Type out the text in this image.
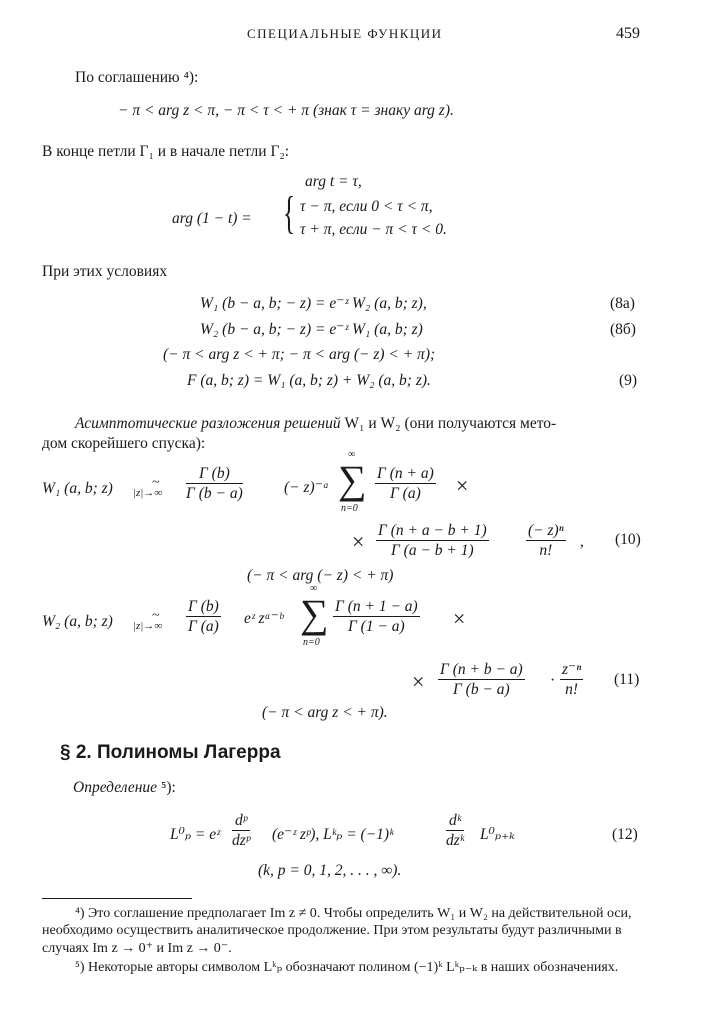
СПЕЦИАЛЬНЫЕ ФУНКЦИИ	459
По соглашению ⁴):
− π < arg z < π, − π < τ < + π (знак τ = знаку arg z).
В конце петли Γ₁ и в начале петли Γ₂:
arg t = τ,
arg (1 − t) = { τ − π, если 0 < τ < π,
τ + π, если − π < τ < 0.
При этих условиях
W₁ (b − a, b; − z) = e⁻ᶻ W₂ (a, b; z),	(8a)
W₂ (b − a, b; − z) = e⁻ᶻ W₁ (a, b; z)	(8б)
(− π < arg z < + π; − π < arg (− z) < + π);
F (a, b; z) = W₁ (a, b; z) + W₂ (a, b; z).	(9)
Асимптотические разложения решений W₁ и W₂ (они получаются мето-
дом скорейшего спуска):
W₁ (a, b; z)	~
$|z|\to\infty \frac{\Gamma (b)}{\Gamma (b - a)}$	(− z)⁻ᵃ
∞
∑
n=0
$\frac{\Gamma (n + a)}{\Gamma (a)}$ ×
× $\frac{\Gamma (n + a - b + 1)}{\Gamma (a - b + 1)} \frac{\text{(− z)ⁿ}}{n!}$ , (10)
(− π < arg (− z) < + π)
W₂ (a, b; z)	~
$|z|\to\infty \frac{\Gamma (b)}{\Gamma (a)}$ eᶻ zᵃ⁻ᵇ
∞
∑
n=0
$\frac{\Gamma (n + 1 - a)}{\Gamma (1 - a)}$ ×
× $\frac{\Gamma (n + b - a)}{\Gamma (b - a)} \cdot \frac{\text{z⁻ⁿ}}{n!} (11)$
(− π < arg z < + π).
§ 2. Полиномы Лагерра
Определение ⁵):
L⁰ₚ = eᶻ
dᵖ
dzᵖ (e⁻ᶻ zᵖ), Lᵏₚ = (−1)ᵏ
dᵏ
dzᵏ L⁰ₚ₊ₖ	(12)
(k, p = 0, 1, 2, . . . , ∞).
⁴) Это соглашение предполагает Im z ≠ 0. Чтобы определить W₁ и W₂ на действительной оси, необходимо осуществить аналитическое продолжение. При этом результаты будут различными в случаях Im z → 0⁺ и Im z → 0⁻.
⁵) Некоторые авторы символом Lᵏₚ обозначают полином (−1)ᵏ Lᵏₚ₋ₖ в наших обозначениях.
